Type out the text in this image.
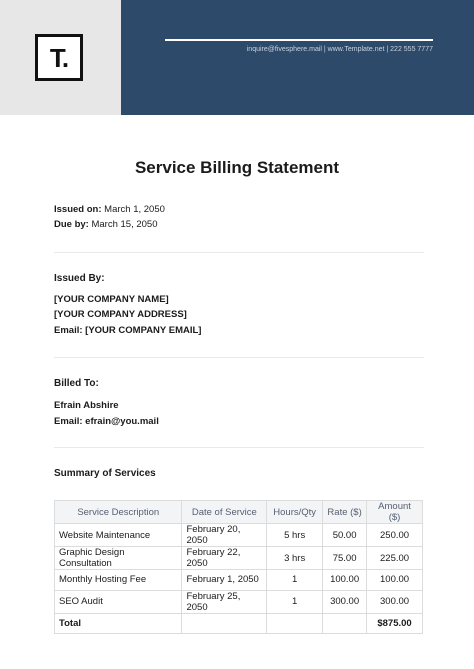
T.	inquire@fivesphere.mail | www.Template.net | 222 555 7777
Service Billing Statement
Issued on: March 1, 2050
Due by: March 15, 2050
Issued By:
[YOUR COMPANY NAME]
[YOUR COMPANY ADDRESS]
Email: [YOUR COMPANY EMAIL]
Billed To:
Efrain Abshire
Email: efrain@you.mail
Summary of Services
Service Description	Date of Service	Hours/Qty	Rate ($)	Amount ($)
Website Maintenance	February 20, 2050	5 hrs	50.00	250.00
Graphic Design Consultation	February 22, 2050	3 hrs	75.00	225.00
Monthly Hosting Fee	February 1, 2050	1	100.00	100.00
SEO Audit	February 25, 2050	1	300.00	300.00
Total				$875.00
